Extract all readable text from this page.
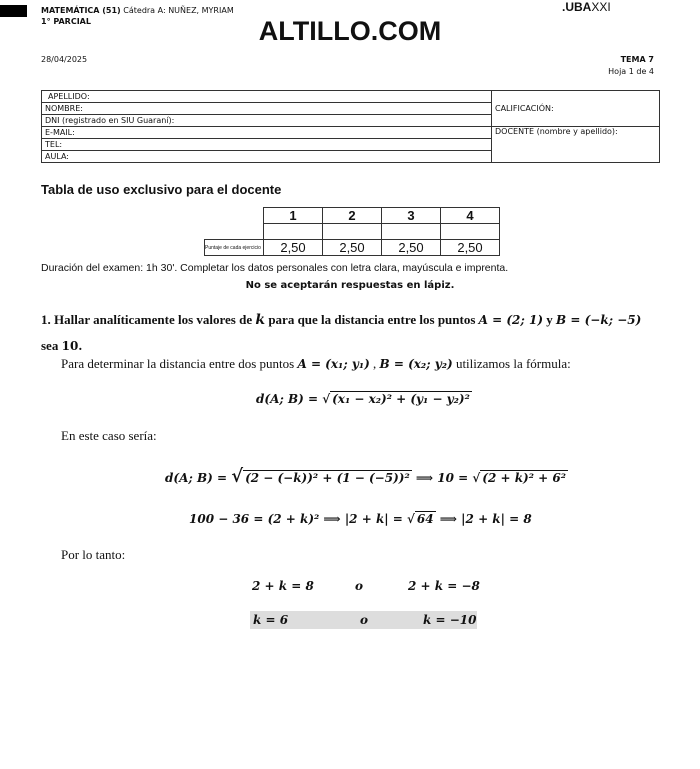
MATEMÁTICA (51) Cátedra A: NUÑEZ, MYRIAM
1° PARCIAL
.UBAXXI
ALTILLO.COM
28/04/2025	TEMA 7
Hoja 1 de 4
APELLIDO:	CALIFICACIÓN:
NOMBRE:	
DNI (registrado en SIU Guaraní):	
E-MAIL:	DOCENTE (nombre y apellido):
TEL:	
AULA:	
Tabla de uso exclusivo para el docente
	1	2	3	4

Puntaje de cada ejercicio	2,50	2,50	2,50	2,50
Duración del examen: 1h 30'. Completar los datos personales con letra clara, mayúscula e imprenta.
No se aceptarán respuestas en lápiz.
1. Hallar analíticamente los valores de k para que la distancia entre los puntos A = (2; 1) y B = (−k; −5)
sea 10.
Para determinar la distancia entre dos puntos A = (x₁; y₁) , B = (x₂; y₂) utilizamos la fórmula:
d(A; B) = √ (x₁ − x₂)² + (y₁ − y₂)²
En este caso sería:
d(A; B) = √ (2 − (−k))² + (1 − (−5))² ⟹ 10 = √ (2 + k)² + 6²
100 − 36 = (2 + k)² ⟹ |2 + k| = √ 64 ⟹ |2 + k| = 8
Por lo tanto:
2 + k = 8	o	2 + k = −8
k = 6	o	k = −10
